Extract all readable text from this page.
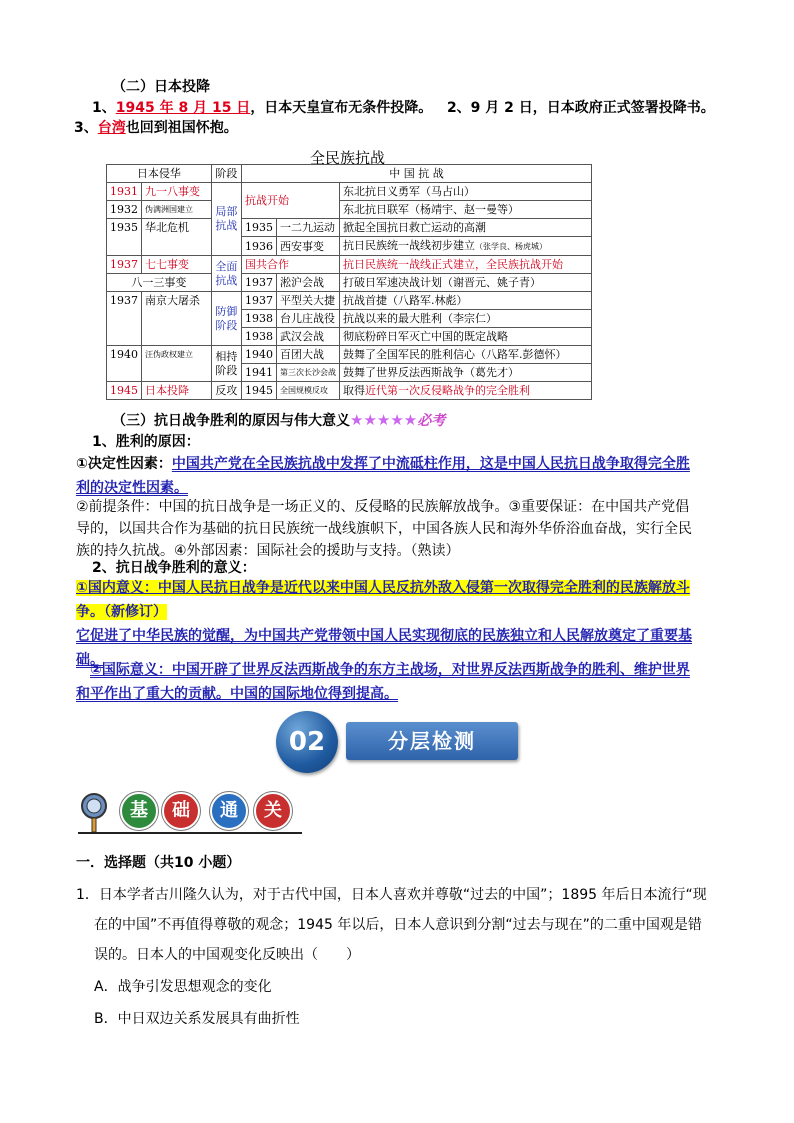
（二）日本投降
1、1945 年 8 月 15 日，日本天皇宣布无条件投降。 2、9 月 2 日，日本政府正式签署投降书。
3、台湾也回到祖国怀抱。
全民族抗战
日本侵华		阶段	中 国 抗 战		
1931	九一八事变	局部抗战	抗战开始		东北抗日义勇军（马占山）
1932	伪满洲国建立				东北抗日联军（杨靖宇、赵一曼等）
1935	华北危机		1935	一二九运动	掀起全国抗日救亡运动的高潮
			1936	西安事变	抗日民族统一战线初步建立（张学良、杨虎城）
1937	七七事变	全面抗战	国共合作		抗日民族统一战线正式建立，全民族抗战开始
八一三事变			1937	淞沪会战	打破日军速决战计划（谢晋元、姚子青）
1937	南京大屠杀	防御阶段	1937	平型关大捷	抗战首捷（八路军.林彪）
			1938	台儿庄战役	抗战以来的最大胜利（李宗仁）
			1938	武汉会战	彻底粉碎日军灭亡中国的既定战略
1940	汪伪政权建立	相持阶段	1940	百团大战	鼓舞了全国军民的胜利信心（八路军.彭德怀）
			1941	第三次长沙会战	鼓舞了世界反法西斯战争（葛先才）
1945	日本投降	反攻	1945	全国规模反攻	取得近代第一次反侵略战争的完全胜利
（三）抗日战争胜利的原因与伟大意义★★★★★必考
1、胜利的原因：
①决定性因素：中国共产党在全民族抗战中发挥了中流砥柱作用，这是中国人民抗日战争取得完全胜
利的决定性因素。
②前提条件：中国的抗日战争是一场正义的、反侵略的民族解放战争。③重要保证：在中国共产党倡
导的，以国共合作为基础的抗日民族统一战线旗帜下，中国各族人民和海外华侨浴血奋战，实行全民
族的持久抗战。④外部因素：国际社会的援助与支持。（熟读）
2、抗日战争胜利的意义：
①国内意义：中国人民抗日战争是近代以来中国人民反抗外敌入侵第一次取得完全胜利的民族解放斗
争。（新修订）
它促进了中华民族的觉醒，为中国共产党带领中国人民实现彻底的民族独立和人民解放奠定了重要基
础。
②国际意义：中国开辟了世界反法西斯战争的东方主战场，对世界反法西斯战争的胜利、维护世界
和平作出了重大的贡献。中国的国际地位得到提高。
分层检测
02
基	础	通	关
一．选择题（共10 小题）
1．日本学者古川隆久认为，对于古代中国，日本人喜欢并尊敬“过去的中国”；1895 年后日本流行“现
在的中国”不再值得尊敬的观念；1945 年以后，日本人意识到分割“过去与现在”的二重中国观是错
误的。日本人的中国观变化反映出（　　）
A．战争引发思想观念的变化
B．中日双边关系发展具有曲折性
